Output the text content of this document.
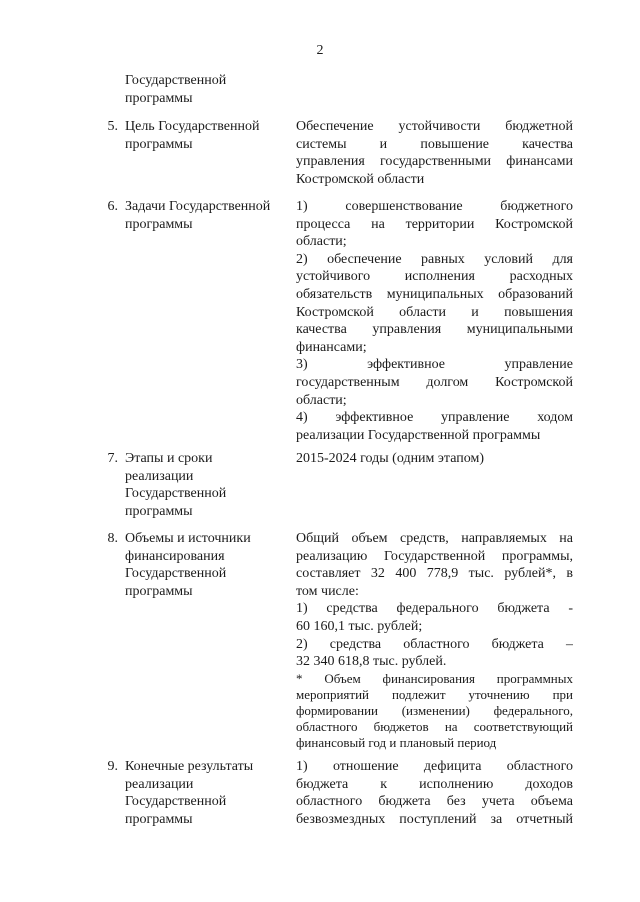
2
Государственной
программы
5. Цель Государственной
программы
Обеспечение устойчивости бюджетной
системы и повышение качества
управления государственными финансами
Костромской области
6. Задачи Государственной
программы
1) совершенствование бюджетного
процесса на территории Костромской
области;
2) обеспечение равных условий для
устойчивого исполнения расходных
обязательств муниципальных образований
Костромской области и повышения
качества управления муниципальными
финансами;
3) эффективное управление
государственным долгом Костромской
области;
4) эффективное управление ходом
реализации Государственной программы
7. Этапы и сроки
реализации
Государственной
программы
2015-2024 годы (одним этапом)
8. Объемы и источники
финансирования
Государственной
программы
Общий объем средств, направляемых на
реализацию Государственной программы,
составляет 32 400 778,9 тыс. рублей*, в
том числе:
1) средства федерального бюджета -
60 160,1 тыс. рублей;
2) средства областного бюджета –
32 340 618,8 тыс. рублей.
* Объем финансирования программных
мероприятий подлежит уточнению при
формировании (изменении) федерального,
областного бюджетов на соответствующий
финансовый год и плановый период
9. Конечные результаты
реализации
Государственной
программы
1) отношение дефицита областного
бюджета к исполнению доходов
областного бюджета без учета объема
безвозмездных поступлений за отчетный
